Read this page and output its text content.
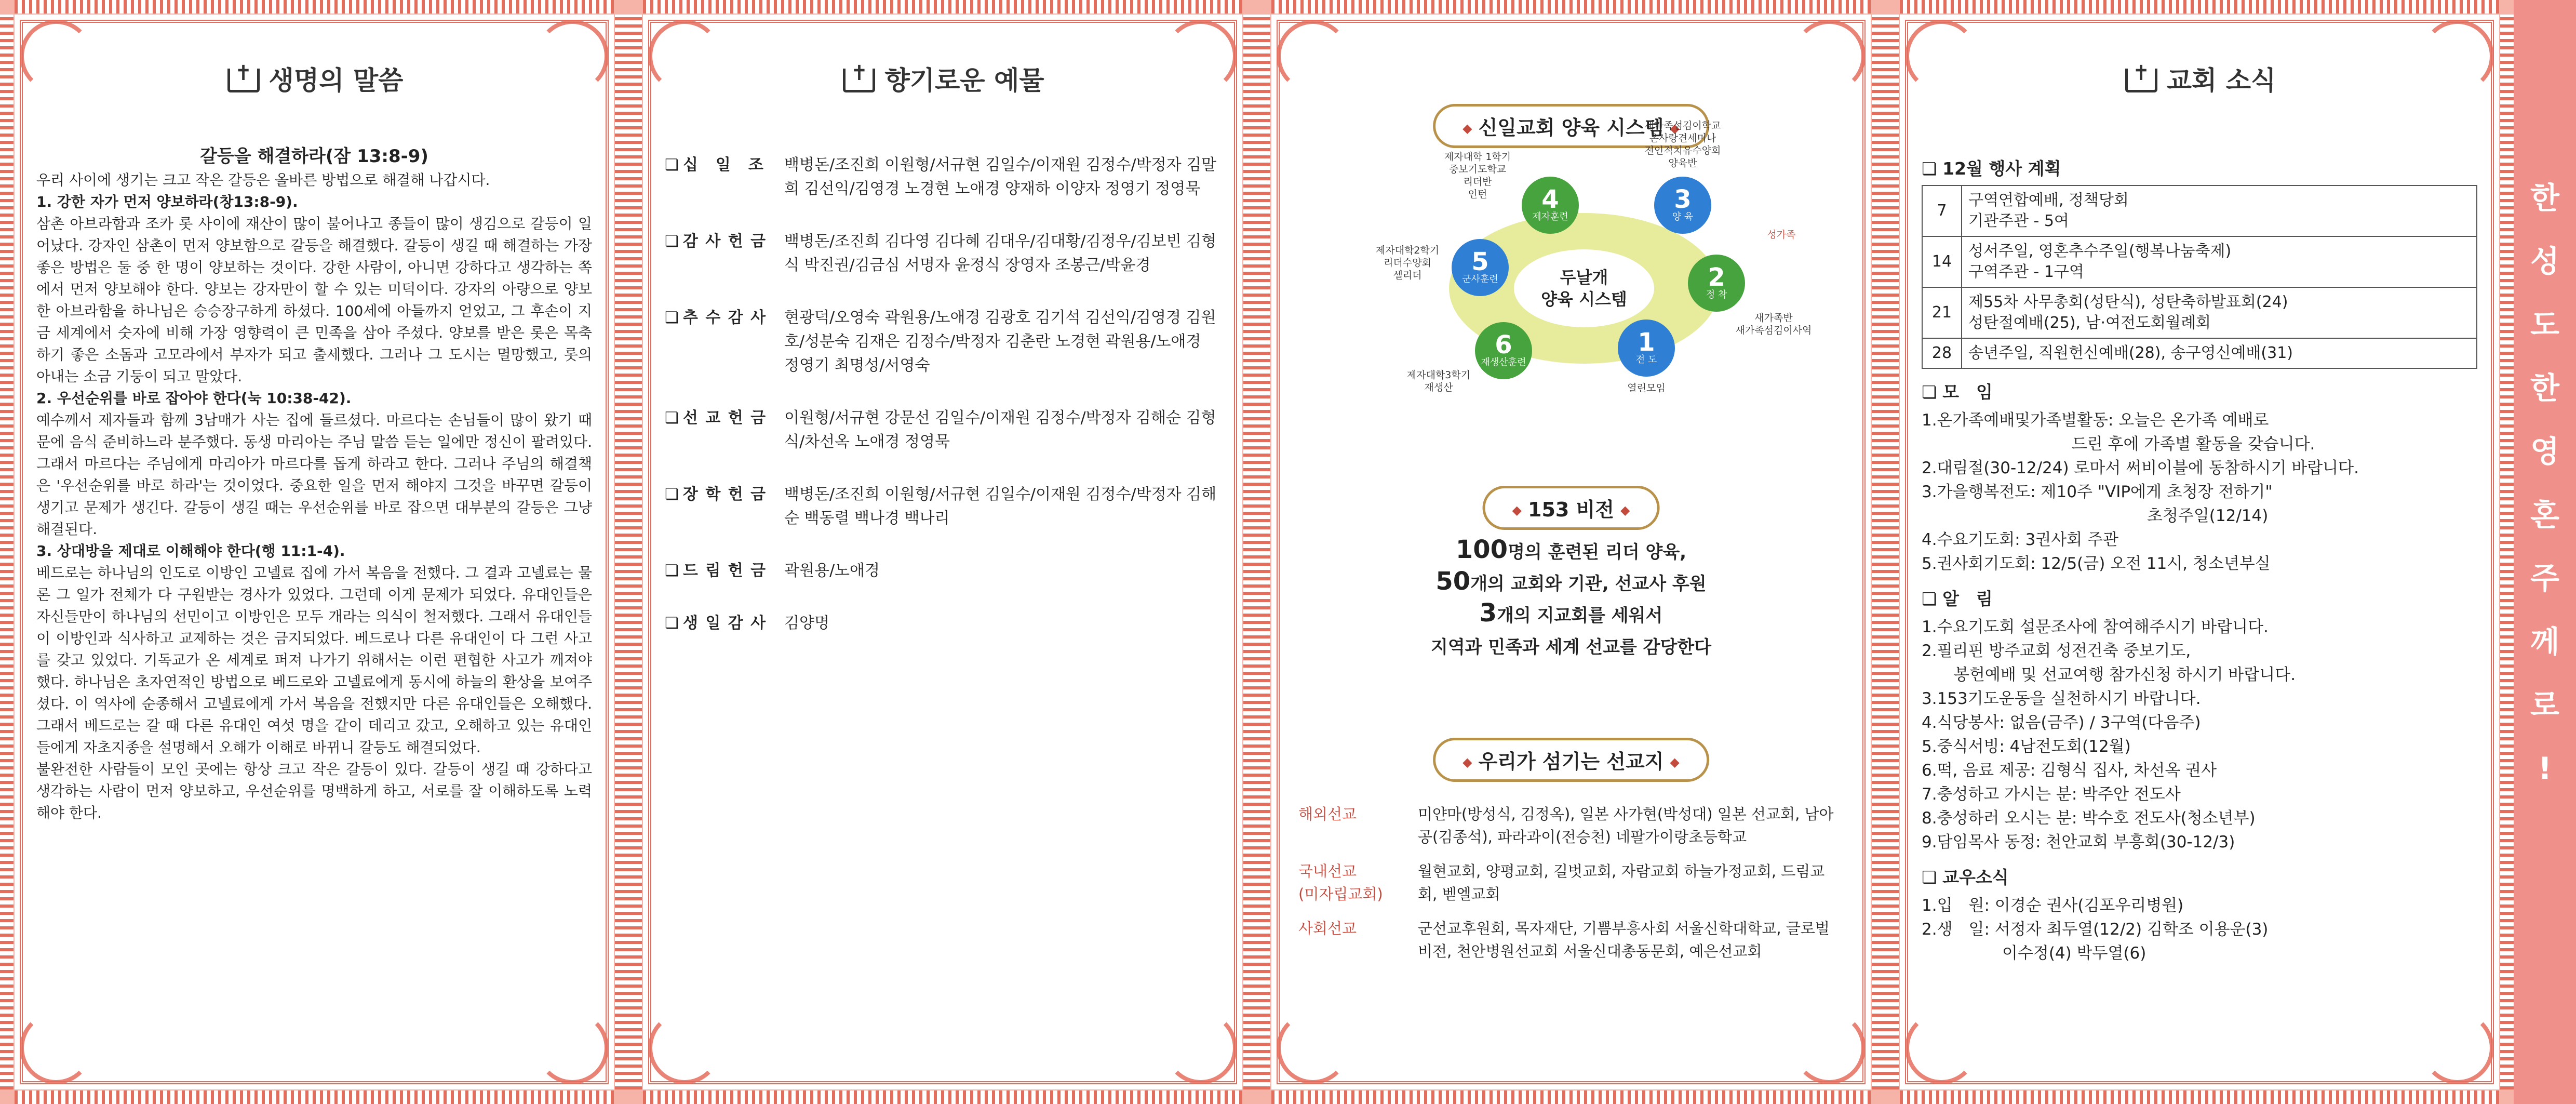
✝생명의 말씀
갈등을 해결하라(잠 13:8-9)

우리 사이에 생기는 크고 작은 갈등은 올바른 방법으로 해결해 나갑시다.

1. 강한 자가 먼저 양보하라(창13:8-9).

삼촌 아브라함과 조카 롯 사이에 재산이 많이 불어나고 종들이 많이 생김으로 갈등이 일어났다. 강자인 삼촌이 먼저 양보함으로 갈등을 해결했다. 갈등이 생길 때 해결하는 가장 좋은 방법은 둘 중 한 명이 양보하는 것이다. 강한 사람이, 아니면 강하다고 생각하는 쪽에서 먼저 양보해야 한다. 양보는 강자만이 할 수 있는 미덕이다. 강자의 아량으로 양보한 아브라함을 하나님은 승승장구하게 하셨다. 100세에 아들까지 얻었고, 그 후손이 지금 세계에서 숫자에 비해 가장 영향력이 큰 민족을 삼아 주셨다. 양보를 받은 롯은 목축하기 좋은 소돔과 고모라에서 부자가 되고 출세했다. 그러나 그 도시는 멸망했고, 롯의 아내는 소금 기둥이 되고 말았다.

2. 우선순위를 바로 잡아야 한다(눅 10:38-42).

예수께서 제자들과 함께 3남매가 사는 집에 들르셨다. 마르다는 손님들이 많이 왔기 때문에 음식 준비하느라 분주했다. 동생 마리아는 주님 말씀 듣는 일에만 정신이 팔려있다. 그래서 마르다는 주님에게 마리아가 마르다를 돕게 하라고 한다. 그러나 주님의 해결책은 '우선순위를 바로 하라'는 것이었다. 중요한 일을 먼저 해야지 그것을 바꾸면 갈등이 생기고 문제가 생긴다. 갈등이 생길 때는 우선순위를 바로 잡으면 대부분의 갈등은 그냥 해결된다.

3. 상대방을 제대로 이해해야 한다(행 11:1-4).

베드로는 하나님의 인도로 이방인 고넬료 집에 가서 복음을 전했다. 그 결과 고넬료는 물론 그 일가 전체가 다 구원받는 경사가 있었다. 그런데 이게 문제가 되었다. 유대인들은 자신들만이 하나님의 선민이고 이방인은 모두 개라는 의식이 철저했다. 그래서 유대인들이 이방인과 식사하고 교제하는 것은 금지되었다. 베드로나 다른 유대인이 다 그런 사고를 갖고 있었다. 기독교가 온 세계로 퍼져 나가기 위해서는 이런 편협한 사고가 깨져야 했다. 하나님은 초자연적인 방법으로 베드로와 고넬료에게 동시에 하늘의 환상을 보여주셨다. 이 역사에 순종해서 고넬료에게 가서 복음을 전했지만 다른 유대인들은 오해했다. 그래서 베드로는 갈 때 다른 유대인 여섯 명을 같이 데리고 갔고, 오해하고 있는 유대인들에게 자초지종을 설명해서 오해가 이해로 바뀌니 갈등도 해결되었다.

불완전한 사람들이 모인 곳에는 항상 크고 작은 갈등이 있다. 갈등이 생길 때 강하다고 생각하는 사람이 먼저 양보하고, 우선순위를 명백하게 하고, 서로를 잘 이해하도록 노력해야 한다.

✝향기로운 예물
❏ 십　일　조	백병돈/조진희 이원형/서규현 김일수/이재원 김정수/박정자 김말희 김선익/김영경 노경현 노애경 양재하 이양자 정영기 정영묵
❏ 감 사 헌 금	백병돈/조진희 김다영 김다혜 김대우/김대황/김정우/김보빈 김형식 박진권/김금심 서명자 윤정식 장영자 조봉근/박윤경
❏ 추 수 감 사	현광덕/오영숙 곽원용/노애경 김광호 김기석 김선익/김영경 김원호/성분숙 김재은 김정수/박정자 김춘란 노경현 곽원용/노애경 정영기 최명성/서영숙
❏ 선 교 헌 금	이원형/서규현 강문선 김일수/이재원 김정수/박정자 김해순 김형식/차선옥 노애경 정영묵
❏ 장 학 헌 금	백병돈/조진희 이원형/서규현 김일수/이재원 김정수/박정자 김해순 백동렬 백나경 백나리
❏ 드 림 헌 금	곽원용/노애경
❏ 생 일 감 사	김양명
◆ 신일교회 양육 시스템 ◆
두날개
양육 시스템
1
전 도
2
정 착
3
양 육
4
제자훈련
5
군사훈련
6
재생산훈련
열린모임
새가족반
새가족섬김이사역
새가족섬김이학교
온사랑견세미나
전인적치유수양회
양육반
제자대학 1학기
중보기도학교
리더반
인턴
제자대학2학기
리더수양회
셀리더
제자대학3학기
재생산
성가족
◆ 153 비전 ◆
100명의 훈련된 리더 양육,
50개의 교회와 기관, 선교사 후원
3개의 지교회를 세워서
지역과 민족과 세계 선교를 감당한다
◆ 우리가 섬기는 선교지 ◆
해외선교	미얀마(방성식, 김정옥), 일본 사가현(박성대) 일본 선교회, 남아공(김종석), 파라과이(전승천) 네팔가이랑초등학교
국내선교
(미자립교회)
월현교회, 양평교회, 길벗교회, 자람교회 하늘가정교회, 드림교회, 벧엘교회
사회선교	군선교후원회, 목자재단, 기쁨부흥사회 서울신학대학교, 글로벌비전, 천안병원선교회 서울신대총동문회, 예은선교회
✝교회 소식
❏ 12월 행사 계획
7	구역연합예배, 정책당회
기관주관 - 5여
14	성서주일, 영혼추수주일(행복나눔축제)
구역주관 - 1구역
21	제55차 사무총회(성탄식), 성탄축하발표회(24)
성탄절예배(25), 남·여전도회월례회
28	송년주일, 직원헌신예배(28), 송구영신예배(31)
❏ 모　임

1.온가족예배및가족별활동: 오늘은 온가족 예배로
　　　　　　　　　 드린 후에 가족별 활동을 갖습니다.

2.대림절(30-12/24) 로마서 써비이블에 동참하시기 바랍니다.

3.가을행복전도: 제10주 "VIP에게 초청장 전하기"
　　　　　　　　　　　　　　초청주일(12/14)

4.수요기도회: 3권사회 주관

5.권사회기도회: 12/5(금) 오전 11시, 청소년부실

❏ 알　림

1.수요기도회 설문조사에 참여해주시기 바랍니다.

2.필리핀 방주교회 성전건축 중보기도,
　　봉헌예배 및 선교여행 참가신청 하시기 바랍니다.

3.153기도운동을 실천하시기 바랍니다.

4.식당봉사: 없음(금주) / 3구역(다음주)

5.중식서빙: 4남전도회(12월)

6.떡, 음료 제공: 김형식 집사, 차선옥 권사

7.충성하고 가시는 분: 박주안 전도사

8.충성하러 오시는 분: 박수호 전도사(청소년부)

9.담임목사 동정: 천안교회 부흥회(30-12/3)

❏ 교우소식

1.입　원: 이경순 권사(김포우리병원)

2.생　일: 서정자 최두열(12/2) 김학조 이용운(3)
　　　　　이수정(4) 박두열(6)

한
성
도
한
영
혼
주
께
로
!
